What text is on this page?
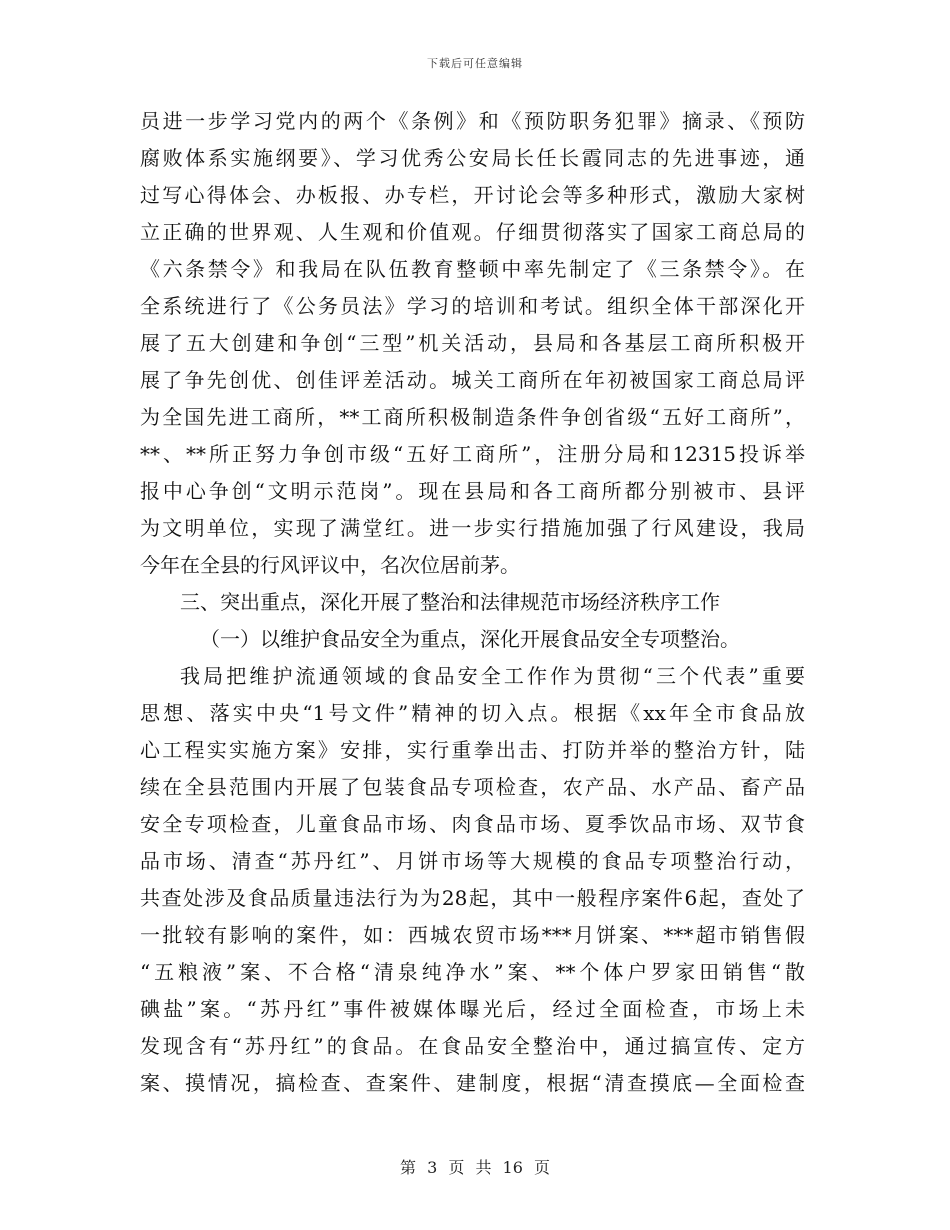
下载后可任意编辑
员进一步学习党内的两个《条例》和《预防职务犯罪》摘录、《预防
腐败体系实施纲要》、学习优秀公安局长任长霞同志的先进事迹，通
过写心得体会、办板报、办专栏，开讨论会等多种形式，激励大家树
立正确的世界观、人生观和价值观。仔细贯彻落实了国家工商总局的
《六条禁令》和我局在队伍教育整顿中率先制定了《三条禁令》。在
全系统进行了《公务员法》学习的培训和考试。组织全体干部深化开
展了五大创建和争创“三型”机关活动，县局和各基层工商所积极开
展了争先创优、创佳评差活动。城关工商所在年初被国家工商总局评
为全国先进工商所，**工商所积极制造条件争创省级“五好工商所”，
**、**所正努力争创市级“五好工商所”，注册分局和12315投诉举
报中心争创“文明示范岗”。现在县局和各工商所都分别被市、县评
为文明单位，实现了满堂红。进一步实行措施加强了行风建设，我局
今年在全县的行风评议中，名次位居前茅。
三、突出重点，深化开展了整治和法律规范市场经济秩序工作
（一）以维护食品安全为重点，深化开展食品安全专项整治。
我局把维护流通领域的食品安全工作作为贯彻“三个代表”重要
思想、落实中央“1号文件”精神的切入点。根据《xx年全市食品放
心工程实实施方案》安排，实行重拳出击、打防并举的整治方针，陆
续在全县范围内开展了包装食品专项检查，农产品、水产品、畜产品
安全专项检查，儿童食品市场、肉食品市场、夏季饮品市场、双节食
品市场、清查“苏丹红”、月饼市场等大规模的食品专项整治行动，
共查处涉及食品质量违法行为为28起，其中一般程序案件6起，查处了
一批较有影响的案件，如：西城农贸市场***月饼案、***超市销售假
“五粮液”案、不合格“清泉纯净水”案、**个体户罗家田销售“散
碘盐”案。“苏丹红”事件被媒体曝光后，经过全面检查，市场上未
发现含有“苏丹红”的食品。在食品安全整治中，通过搞宣传、定方
案、摸情况，搞检查、查案件、建制度，根据“清查摸底—全面检查
第 3 页 共 16 页
